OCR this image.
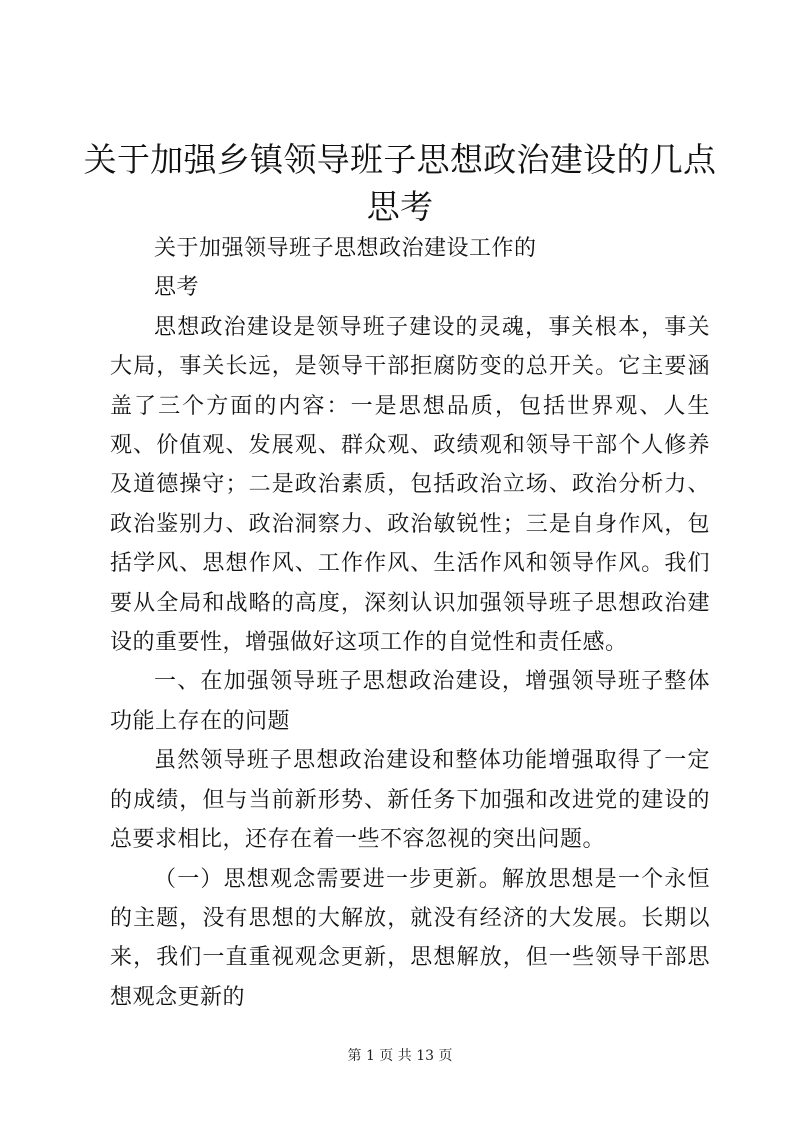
关于加强乡镇领导班子思想政治建设的几点思考

关于加强领导班子思想政治建设工作的

思考

思想政治建设是领导班子建设的灵魂，事关根本，事关大局，事关长远，是领导干部拒腐防变的总开关。它主要涵盖了三个方面的内容：一是思想品质，包括世界观、人生观、价值观、发展观、群众观、政绩观和领导干部个人修养及道德操守；二是政治素质，包括政治立场、政治分析力、政治鉴别力、政治洞察力、政治敏锐性；三是自身作风，包括学风、思想作风、工作作风、生活作风和领导作风。我们要从全局和战略的高度，深刻认识加强领导班子思想政治建设的重要性，增强做好这项工作的自觉性和责任感。

一、在加强领导班子思想政治建设，增强领导班子整体功能上存在的问题

虽然领导班子思想政治建设和整体功能增强取得了一定的成绩，但与当前新形势、新任务下加强和改进党的建设的总要求相比，还存在着一些不容忽视的突出问题。

（一）思想观念需要进一步更新。解放思想是一个永恒的主题，没有思想的大解放，就没有经济的大发展。长期以来，我们一直重视观念更新，思想解放，但一些领导干部思想观念更新的

第 1 页 共 13 页
